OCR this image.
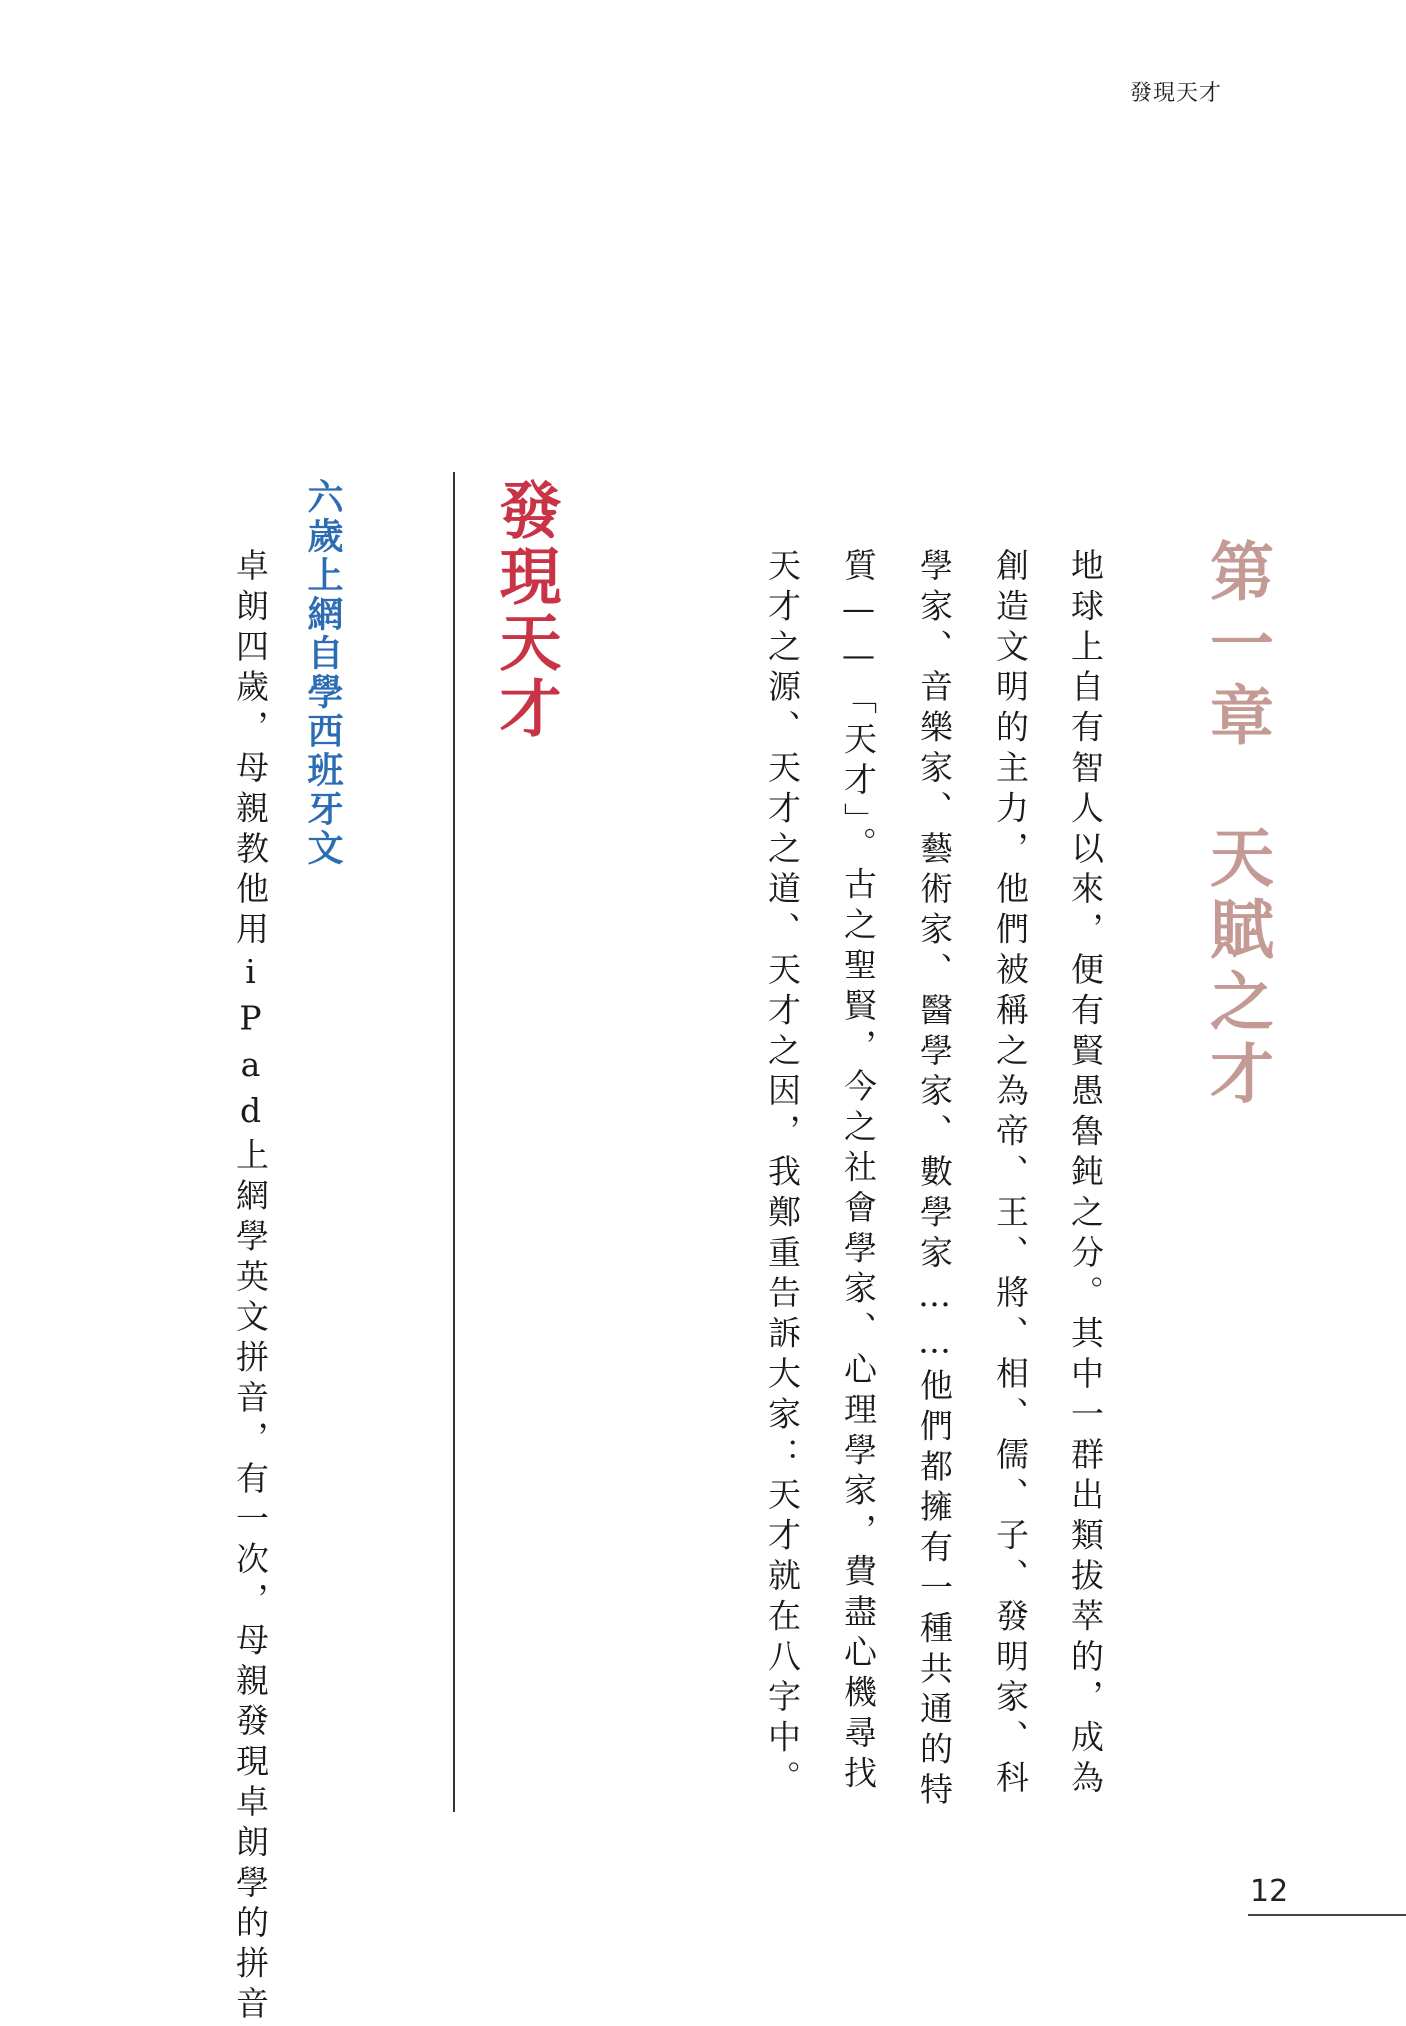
發現天才
第一章天賦之才
地球上自有智人以來，便有賢愚魯鈍之分。其中一群出類拔萃的，成為
創造文明的主力，他們被稱之為帝、王、將、相、儒、子、發明家、科
學家、音樂家、藝術家、醫學家、數學家……他們都擁有一種共通的特
質——「天才」。古之聖賢，今之社會學家、心理學家，費盡心機尋找
天才之源、天才之道、天才之因，我鄭重告訴大家：天才就在八字中。
發現天才
六歲上網自學西班牙文
卓朗四歲，母親教他用iPad上網學英文拼音，有一次，母親發現卓朗學的拼音	12
